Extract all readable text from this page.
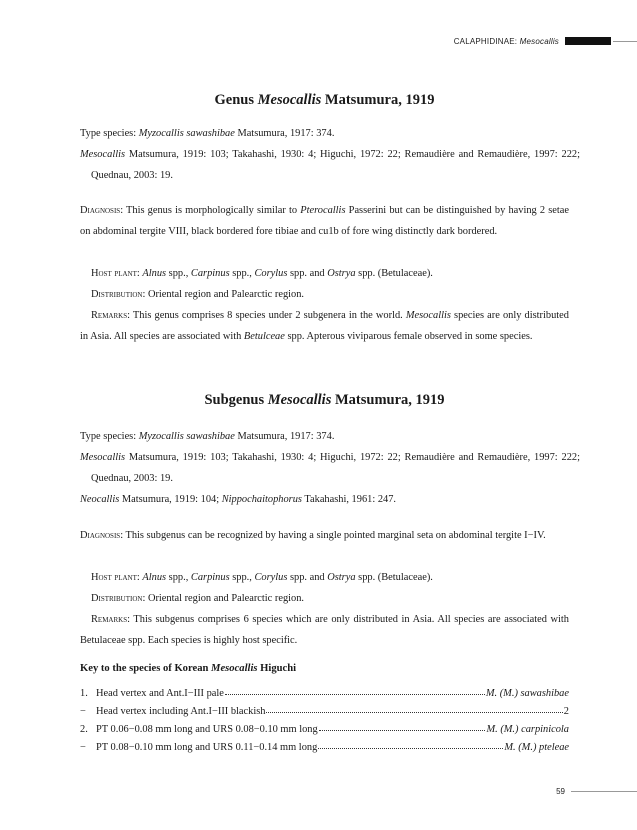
CALAPHIDINAE:
Mesocallis
Genus Mesocallis Matsumura, 1919

Type species: Myzocallis sawashibae Matsumura, 1917: 374.

Mesocallis Matsumura, 1919: 103; Takahashi, 1930: 4; Higuchi, 1972: 22; Remaudière and Remaudière, 1997: 222; Quednau, 2003: 19.

Diagnosis: This genus is morphologically similar to Pterocallis Passerini but can be distinguished by having 2 setae on abdominal tergite VIII, black bordered fore tibiae and cu1b of fore wing distinctly dark bordered.

Host plant: Alnus spp., Carpinus spp., Corylus spp. and Ostrya spp. (Betulaceae).

Distribution: Oriental region and Palearctic region.

Remarks: This genus comprises 8 species under 2 subgenera in the world. Mesocallis species are only distributed in Asia. All species are associated with Betulceae spp. Apterous viviparous female observed in some species.

Subgenus Mesocallis Matsumura, 1919

Type species: Myzocallis sawashibae Matsumura, 1917: 374.

Mesocallis Matsumura, 1919: 103; Takahashi, 1930: 4; Higuchi, 1972: 22; Remaudière and Remaudière, 1997: 222; Quednau, 2003: 19.

Neocallis Matsumura, 1919: 104; Nippochaitophorus Takahashi, 1961: 247.

Diagnosis: This subgenus can be recognized by having a single pointed marginal seta on abdominal tergite I−IV.

Host plant: Alnus spp., Carpinus spp., Corylus spp. and Ostrya spp. (Betulaceae).

Distribution: Oriental region and Palearctic region.

Remarks: This subgenus comprises 6 species which are only distributed in Asia. All species are associated with Betulaceae spp. Each species is highly host specific.

Key to the species of Korean Mesocallis Higuchi
1. Head vertex and Ant.I−III pale	M. (M.) sawashibae
− Head vertex including Ant.I−III blackish	2
2. PT 0.06−0.08 mm long and URS 0.08−0.10 mm long	M. (M.) carpinicola
− PT 0.08−0.10 mm long and URS 0.11−0.14 mm long	M. (M.) pteleae
59
